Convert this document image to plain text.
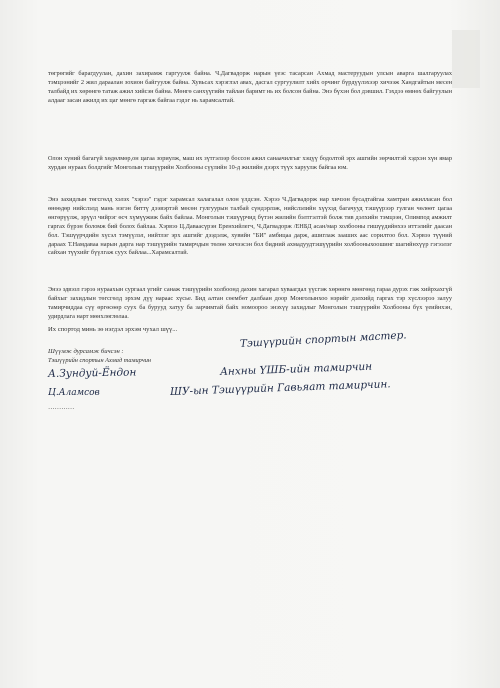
төгрөгийг барагдуулан, дахин захирамж гаргуулж байна. Ч.Дагвадорж нарын үеэс тасарсан Ахмад мастеруудын улсын аварга шалгаруулах тэмцээнийг 2 жил дараалан зохион байгуулж байна. Хувьсах хэрэглэл авах, дасгал сургуулилт хийх орчинг бүрдүүлэхээр хичээж Хандгайтын месен талбайд их хөрөнгө татаж ажил хийсэн байна. Мөнгө санхүүгийн тайлан баримт нь их болсон байна. Энэ бүхэн бол дэвшил. Гэхдээ өмнөх байгуулын алдааг засан ажилд их цаг мөнгө гаргаж байгаа гэдэг нь харамсалтай.

Олон хүний багагүй хөдөлмөр,он цагаа зориулж, маш их зүтгэлээр боссон ажил санаачилгыг хэцүү бодолтой эрх ашгийн зөрчилтэй хэдхэн хүн ямар хурдан нураах болдгийг Монголын тэшүүрийн Холбооны сүүлийн 10-д жилийн дээрх түүх харуулж байгаа юм.

Энэ захидлын төгсгөлд хэлэх "хэрээ" гэдэг харамсал халагалал олон үлдсэн. Хэрээ Ч.Дагвадорж нар хичээн бусадтайгаа хамтран ажилласан бол өнөөдөр нийслэлд мань нэгэн биттү дээвэртэй мөсөн гулгуурын талбай сүндэрлэж, нийслэлийн хүүхэд багачууд тэшүүрээр гулган чөлөөт цагаа өнгөрүүлж, эрүүл чийрэг өсч хүмүүжиж байх байлаа. Монголын тэшүүрчид бүтэн жилийн бэлтгэлтэй болж тив дэлхийн тэмцээн, Олимпод амжилт гаргах бүрэн боломж бий болох байлаа. Хэрвээ Ц.Даваасүрэн Еренхийлегч, Ч.Дагвадорж /ЕНБД асан/мар холбооны гишүүдийнхээ иттэлийг даасан бол. Тэшүүрчдийн хүсэл тэмүүлэл, нийтлэг эрх ашгийг дээдэлж, хувийн "БИ" амбицаа дарж, ашиглаж зааших аас сорилтоо бол. Хэрвээ түүний дараах Т.Намдаваа нарын дарга нар тэшүүрийн тамирчдын төлөө хичээсэн бол бидний ахмадуудтэшүүрийн холбооныхоошинг шагийнхүүр гэгээлэг сайхан түүхийг бүүлгаж суух байлаа...Харамсалтай.

Энээ эдвэзл гэрээ нураахын сургаал үгийг санаж тэшүүрийн холбоонд дахин хагарал хуваагдал үүсгэж хөрөнгө мөнгөнд гараа дурэх гэж хийрхахгүй байхыг захидлын төгсгөлд эрхэм дүү нарааc хүсье. Бид алтан сөембөт далбаан доор Монголынхоо нэрийг дэлхийд гаргах тэр хүслээрээ залуу тамирчиддаа сүү өргөсөөр суух ба бурууд хатуу ба зарчимтай байх номоороо энэхүү захидлыг Монголын тэшүүрийн Холбооны бүх үеийнхэн, удирдлага нарт мөнхлөглөлаа.

Их спортод минь зө нэгдэл эрхэм чухал шүү...
Шүүмж дурсамж бичсэн :
Тэшүүрийн спортын Ахмад тамирчин
Тэшүүрийн спортын мастер.
А.Зундуй-Ёндон	Анхны ҮШБ-ийн тамирчин
Ц.Аламсов	ШУ-ын Тэшүүрийн Гавьяат тамирчин.
…………
